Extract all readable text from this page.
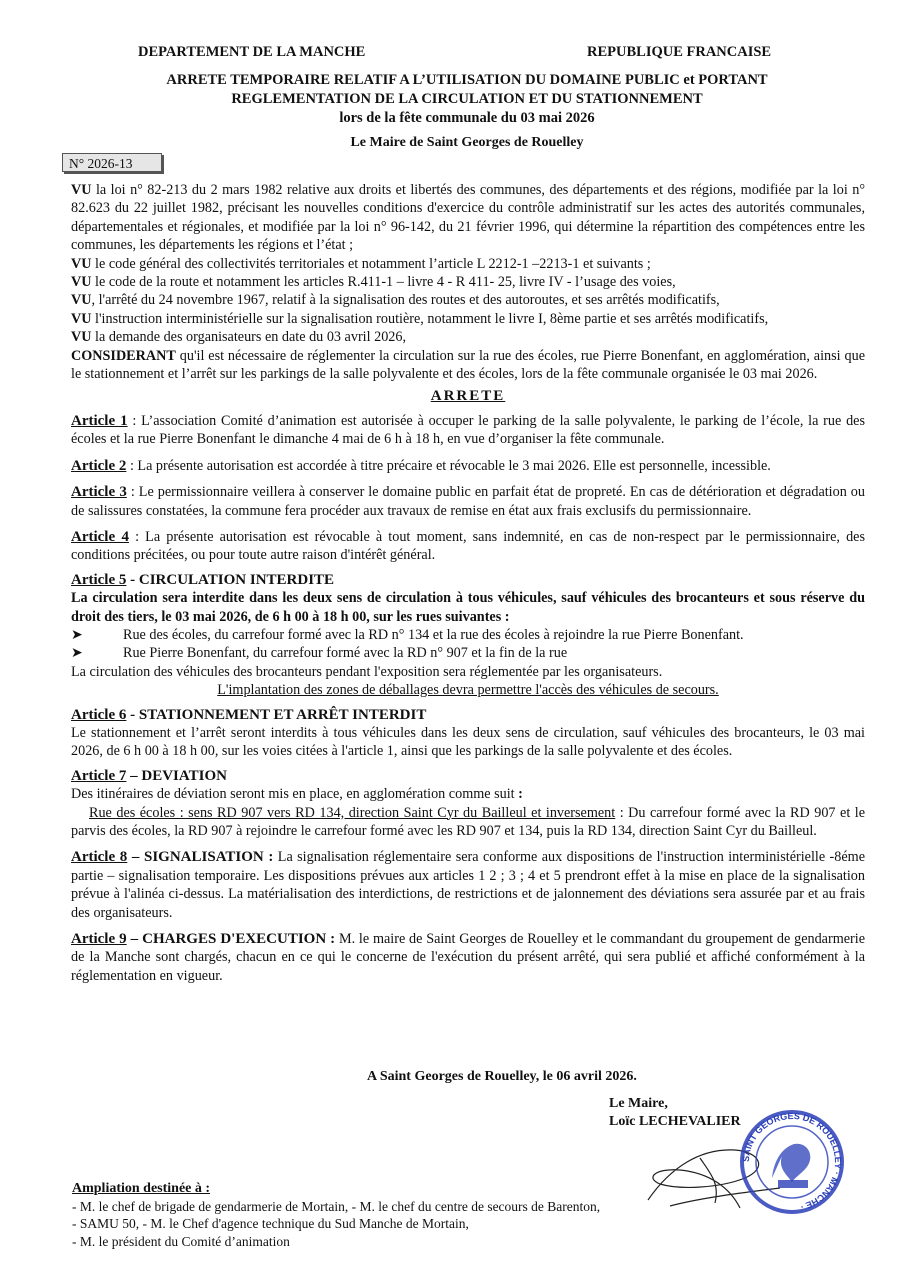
DEPARTEMENT DE LA MANCHE	REPUBLIQUE FRANCAISE
ARRETE TEMPORAIRE RELATIF A L’UTILISATION DU DOMAINE PUBLIC et PORTANT
REGLEMENTATION DE LA CIRCULATION ET DU STATIONNEMENT
lors de la fête communale du 03 mai 2026
Le Maire de Saint Georges de Rouelley
N° 2026-13

VU la loi n° 82-213 du 2 mars 1982 relative aux droits et libertés des communes, des départements et des régions, modifiée par la loi n° 82.623 du 22 juillet 1982, précisant les nouvelles conditions d'exercice du contrôle administratif sur les actes des autorités communales, départementales et régionales, et modifiée par la loi n° 96-142, du 21 février 1996, qui détermine la répartition des compétences entre les communes, les départements les régions et l’état ;

VU le code général des collectivités territoriales et notamment l’article L 2212-1 –2213-1 et suivants ;

VU le code de la route et notamment les articles R.411-1 – livre 4 - R 411- 25, livre IV - l’usage des voies,

VU, l'arrêté du 24 novembre 1967, relatif à la signalisation des routes et des autoroutes, et ses arrêtés modificatifs,

VU l'instruction interministérielle sur la signalisation routière, notamment le livre I, 8ème partie et ses arrêtés modificatifs,

VU la demande des organisateurs en date du 03 avril 2026,

CONSIDERANT qu'il est nécessaire de réglementer la circulation sur la rue des écoles, rue Pierre Bonenfant, en agglomération, ainsi que le stationnement et l’arrêt sur les parkings de la salle polyvalente et des écoles, lors de la fête communale organisée le 03 mai 2026.

ARRETE

Article 1 : L’association Comité d’animation est autorisée à occuper le parking de la salle polyvalente, le parking de l’école, la rue des écoles et la rue Pierre Bonenfant le dimanche 4 mai de 6 h à 18 h, en vue d’organiser la fête communale.

Article 2 : La présente autorisation est accordée à titre précaire et révocable le 3 mai 2026. Elle est personnelle, incessible.

Article 3 : Le permissionnaire veillera à conserver le domaine public en parfait état de propreté. En cas de détérioration et dégradation ou de salissures constatées, la commune fera procéder aux travaux de remise en état aux frais exclusifs du permissionnaire.

Article 4 : La présente autorisation est révocable à tout moment, sans indemnité, en cas de non-respect par le permissionnaire, des conditions précitées, ou pour toute autre raison d'intérêt général.

Article 5 - CIRCULATION INTERDITE

La circulation sera interdite dans les deux sens de circulation à tous véhicules, sauf véhicules des brocanteurs et sous réserve du droit des tiers, le 03 mai 2026, de 6 h 00 à 18 h 00, sur les rues suivantes :

➤	Rue des écoles, du carrefour formé avec la RD n° 134 et la rue des écoles à rejoindre la rue Pierre Bonenfant.
➤	Rue Pierre Bonenfant, du carrefour formé avec la RD n° 907 et la fin de la rue

La circulation des véhicules des brocanteurs pendant l'exposition sera réglementée par les organisateurs.

L'implantation des zones de déballages devra permettre l'accès des véhicules de secours.

Article 6 - STATIONNEMENT ET ARRÊT INTERDIT

Le stationnement et l’arrêt seront interdits à tous véhicules dans les deux sens de circulation, sauf véhicules des brocanteurs, le 03 mai 2026, de 6 h 00 à 18 h 00, sur les voies citées à l'article 1, ainsi que les parkings de la salle polyvalente et des écoles.

Article 7 – DEVIATION

Des itinéraires de déviation seront mis en place, en agglomération comme suit :

Rue des écoles : sens RD 907 vers RD 134, direction Saint Cyr du Bailleul et inversement : Du carrefour formé avec la RD 907 et le parvis des écoles, la RD 907 à rejoindre le carrefour formé avec les RD 907 et 134, puis la RD 134, direction Saint Cyr du Bailleul.

Article 8 – SIGNALISATION : La signalisation réglementaire sera conforme aux dispositions de l'instruction interministérielle -8éme partie – signalisation temporaire. Les dispositions prévues aux articles 1 2 ; 3 ; 4 et 5 prendront effet à la mise en place de la signalisation prévue à l'alinéa ci-dessus. La matérialisation des interdictions, de restrictions et de jalonnement des déviations sera assurée par et au frais des organisateurs.

Article 9 – CHARGES D'EXECUTION : M. le maire de Saint Georges de Rouelley et le commandant du groupement de gendarmerie de la Manche sont chargés, chacun en ce qui le concerne de l'exécution du présent arrêté, qui sera publié et affiché conformément à la réglementation en vigueur.

A Saint Georges de Rouelley, le 06 avril 2026.
Le Maire,
Loïc LECHEVALIER
SAINT GEORGES DE ROUELLEY · MANCHE ·
Ampliation destinée à :
- M. le chef de brigade de gendarmerie de Mortain, - M. le chef du centre de secours de Barenton,
- SAMU 50, - M. le Chef d'agence technique du Sud Manche de Mortain,
- M. le président du Comité d’animation
